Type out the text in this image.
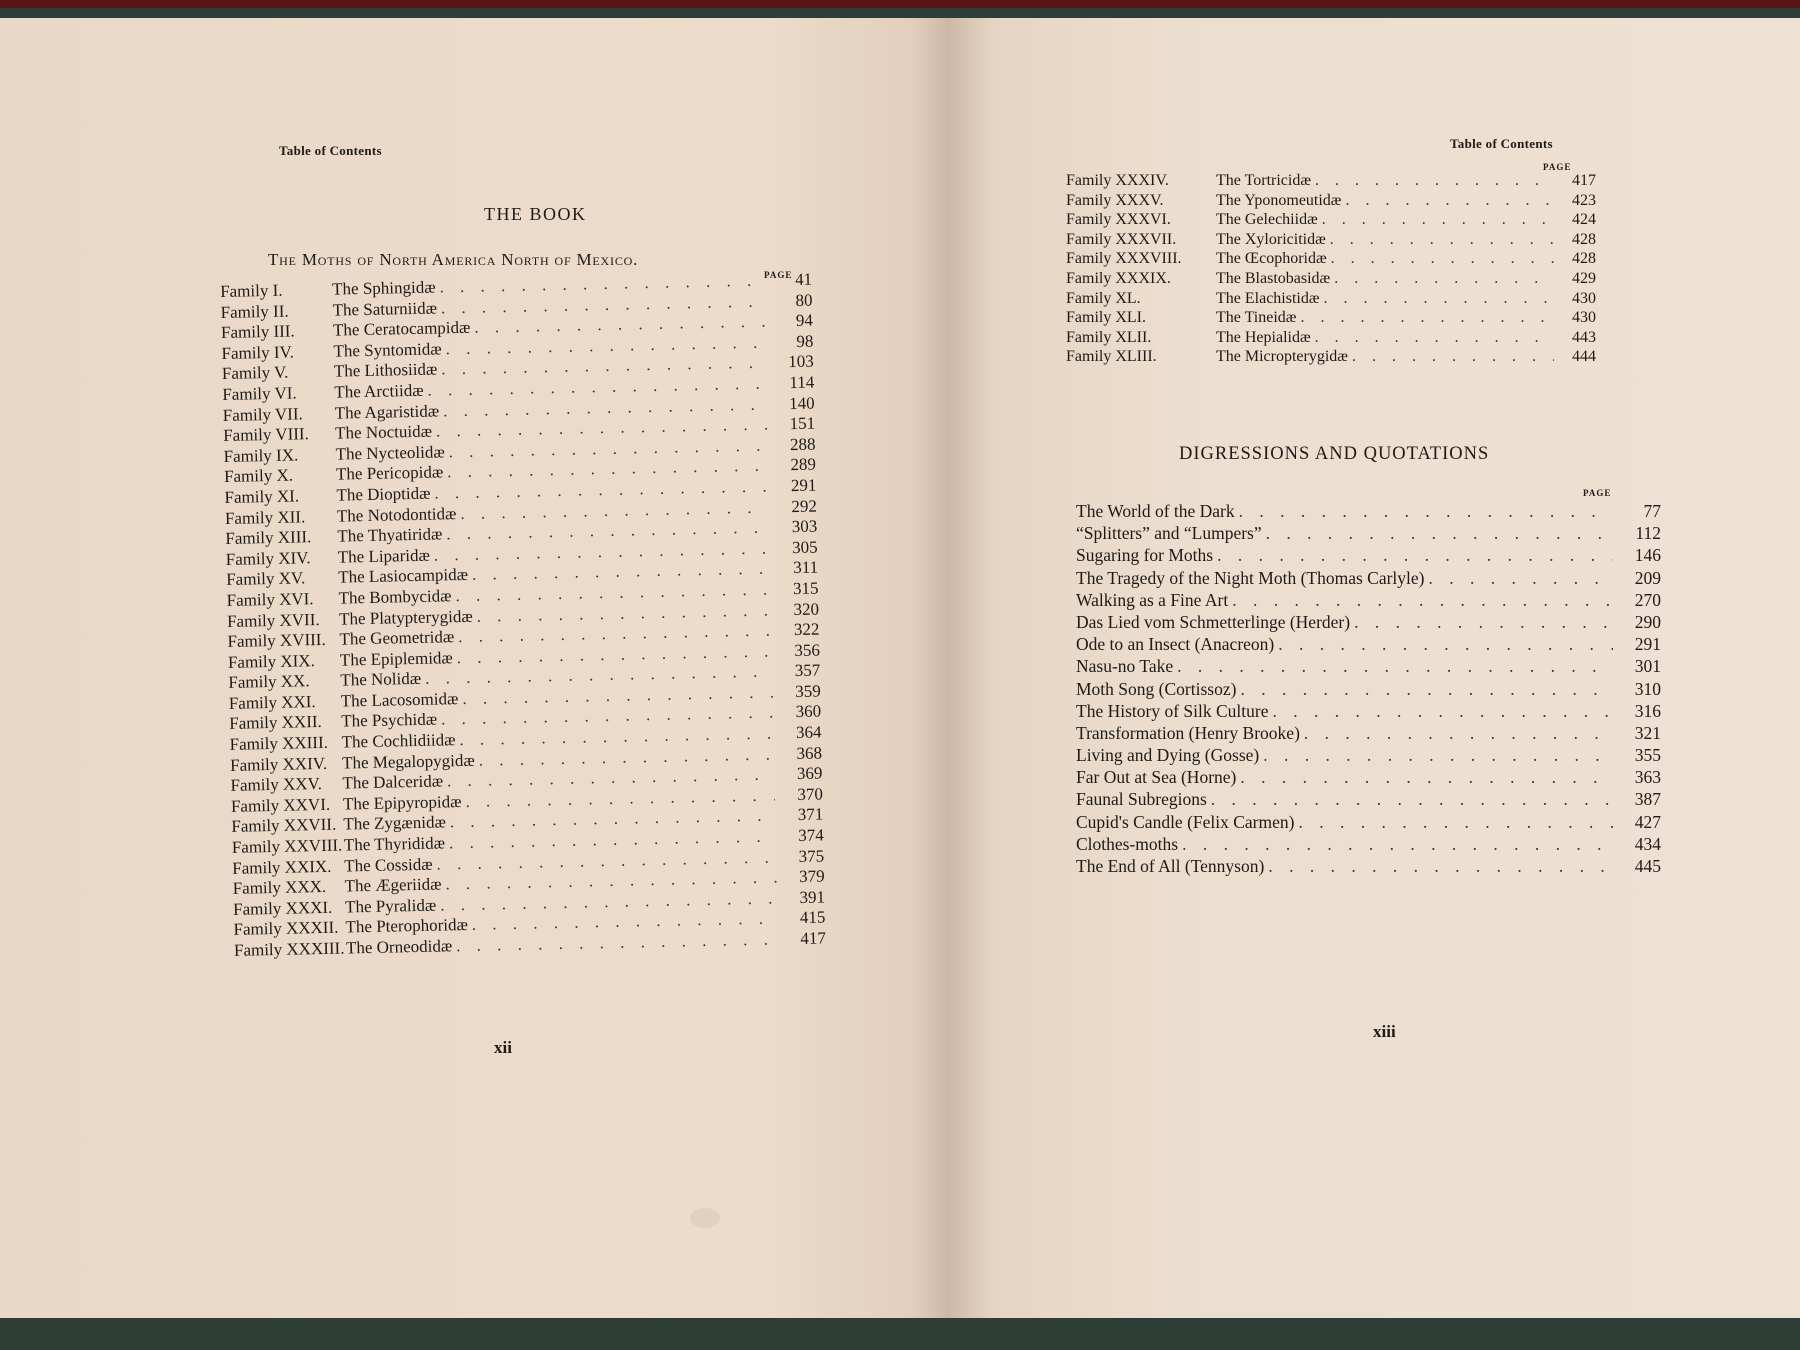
Table of Contents
THE BOOK
The Moths of North America North of Mexico.
PAGE
xii
Family I.	The Sphingidæ . . .	41
Family II.	The Saturniidæ . . .	80
Family III.	The Ceratocampidæ . . .	94
Family IV.	The Syntomidæ . . .	98
Family V.	The Lithosiidæ . . .	103
Family VI.	The Arctiidæ . . .	114
Family VII.	The Agaristidæ . . .	140
Family VIII.	The Noctuidæ . . .	151
Family IX.	The Nycteolidæ . . .	288
Family X.	The Pericopidæ . . .	289
Family XI.	The Dioptidæ . . .	291
Family XII.	The Notodontidæ . . .	292
Family XIII.	The Thyatiridæ . . .	303
Family XIV.	The Liparidæ . . .	305
Family XV.	The Lasiocampidæ . . .	311
Family XVI.	The Bombycidæ . . .	315
Family XVII.	The Platypterygidæ . . .	320
Family XVIII. The Geometridæ . . .	322
Family XIX.	The Epiplemidæ . . .	356
Family XX.	The Nolidæ . . .	357
Family XXI.	The Lacosomidæ . . .	359
Family XXII.	The Psychidæ . . .	360
Family XXIII. The Cochlidiidæ . . .	364
Family XXIV. The Megalopygidæ . . .	368
Family XXV.	The Dalceridæ . . .	369
Family XXVI. The Epipyropidæ . . .	370
Family XXVII. The Zygænidæ . . .	371
Family XXVIII. The Thyrididæ . . .	374
Family XXIX. The Cossidæ . . .	375
Family XXX.	The Ægeriidæ . . .	379
Family XXXI. The Pyralidæ . . .	391
Family XXXII. The Pterophoridæ . . .	415
Family XXXIII. The Orneodidæ . . .	417
Table of Contents
PAGE
DIGRESSIONS AND QUOTATIONS
PAGE
xiii
Family XXXIV.	The Tortricidæ . . .	417
Family XXXV.	The Yponomeutidæ . . .	423
Family XXXVI.	The Gelechiidæ . . .	424
Family XXXVII.	The Xyloricitidæ . . .	428
Family XXXVIII.	The Œcophoridæ . . .	428
Family XXXIX.	The Blastobasidæ . . .	429
Family XL.	The Elachistidæ . . .	430
Family XLI.	The Tineidæ . . .	430
Family XLII.	The Hepialidæ . . .	443
Family XLIII.	The Micropterygidæ . . .	444
The World of the Dark . . .	77
“Splitters” and “Lumpers” . . .	112
Sugaring for Moths . . .	146
The Tragedy of the Night Moth (Thomas Carlyle) . . .	209
Walking as a Fine Art . . .	270
Das Lied vom Schmetterlinge (Herder) . . .	290
Ode to an Insect (Anacreon) . . .	291
Nasu-no Take . . .	301
Moth Song (Cortissoz) . . .	310
The History of Silk Culture . . .	316
Transformation (Henry Brooke) . . .	321
Living and Dying (Gosse) . . .	355
Far Out at Sea (Horne) . . .	363
Faunal Subregions . . .	387
Cupid's Candle (Felix Carmen) . . .	427
Clothes-moths . . .	434
The End of All (Tennyson) . . .	445
